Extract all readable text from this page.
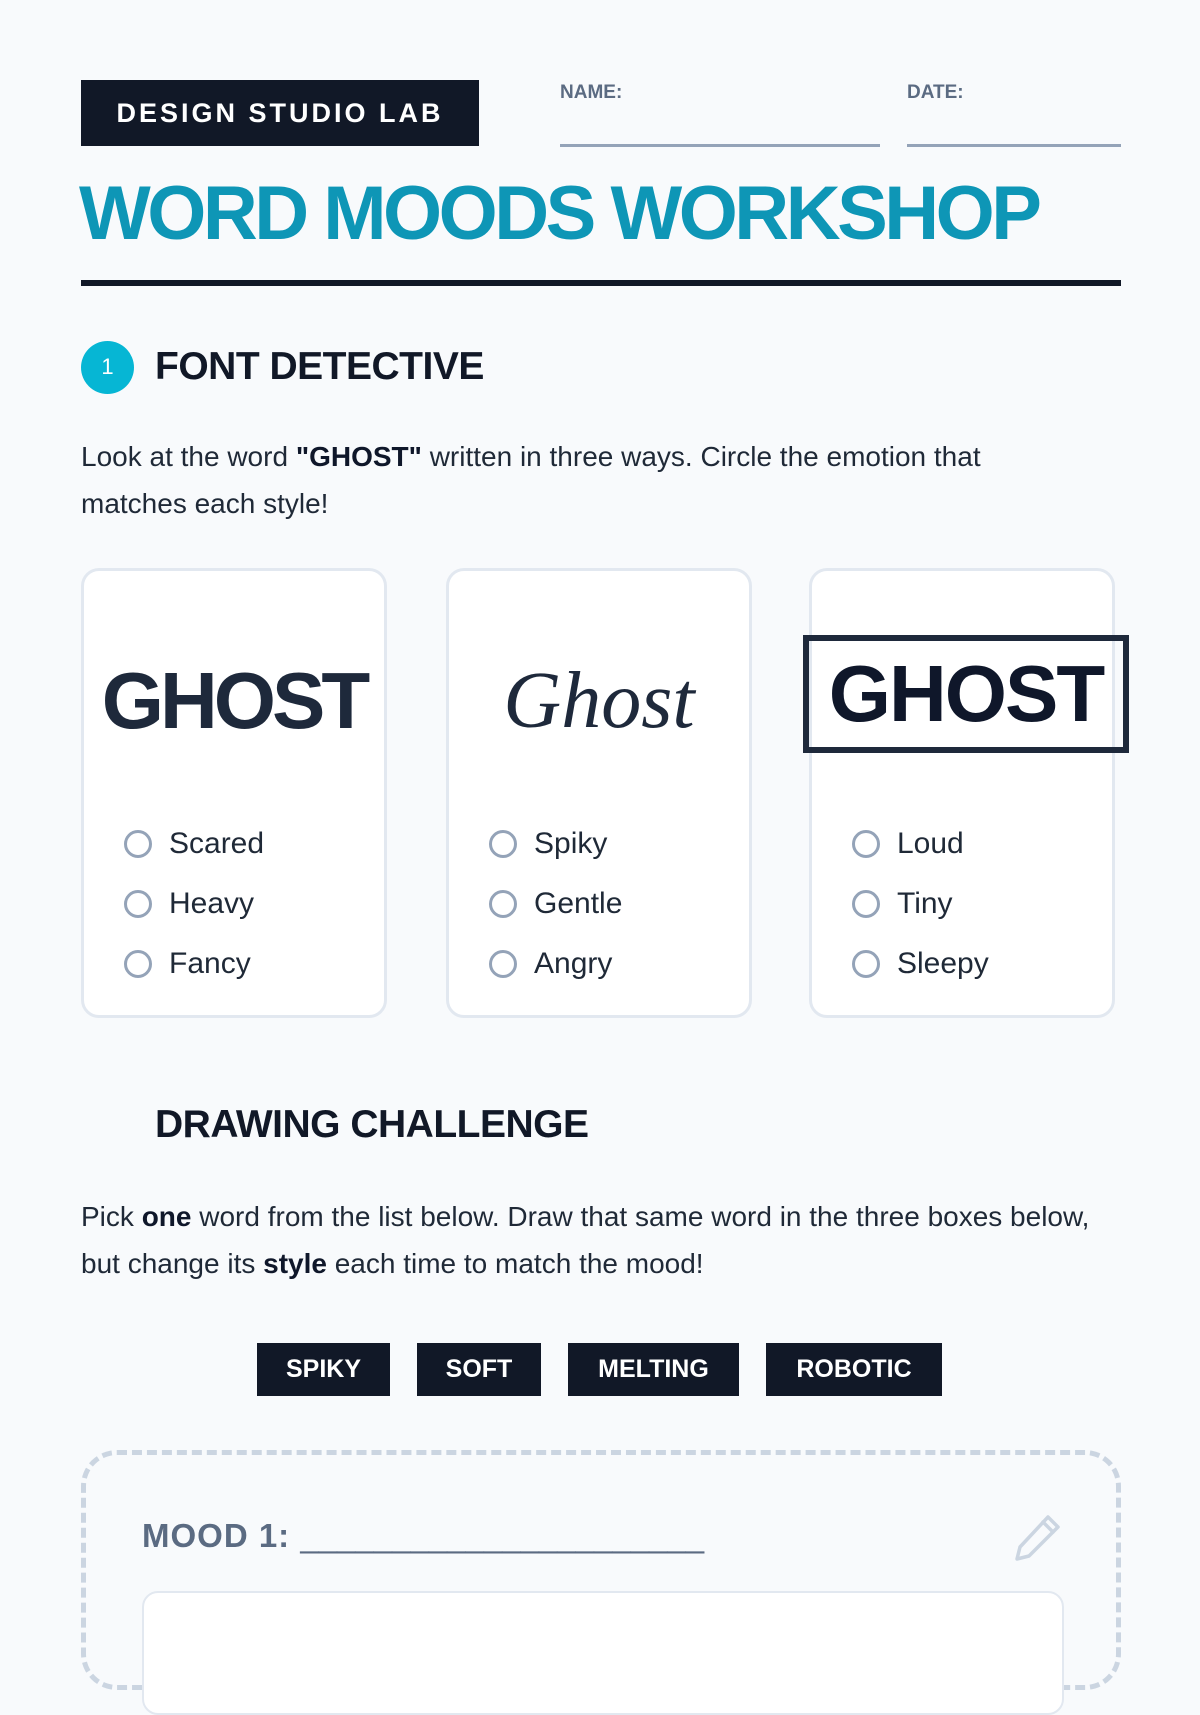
DESIGN STUDIO LAB
NAME:	DATE:
WORD MOODS WORKSHOP
1	FONT DETECTIVE

Look at the word "GHOST" written in three ways. Circle the emotion that matches each style!

GHOST
Scared
Heavy
Fancy
Ghost
Spiky
Gentle
Angry
GHOST
Loud
Tiny
Sleepy
DRAWING CHALLENGE

Pick one word from the list below. Draw that same word in the three boxes below, but change its style each time to match the mood!

SPIKY	SOFT	MELTING	ROBOTIC
MOOD 1: ______________________
